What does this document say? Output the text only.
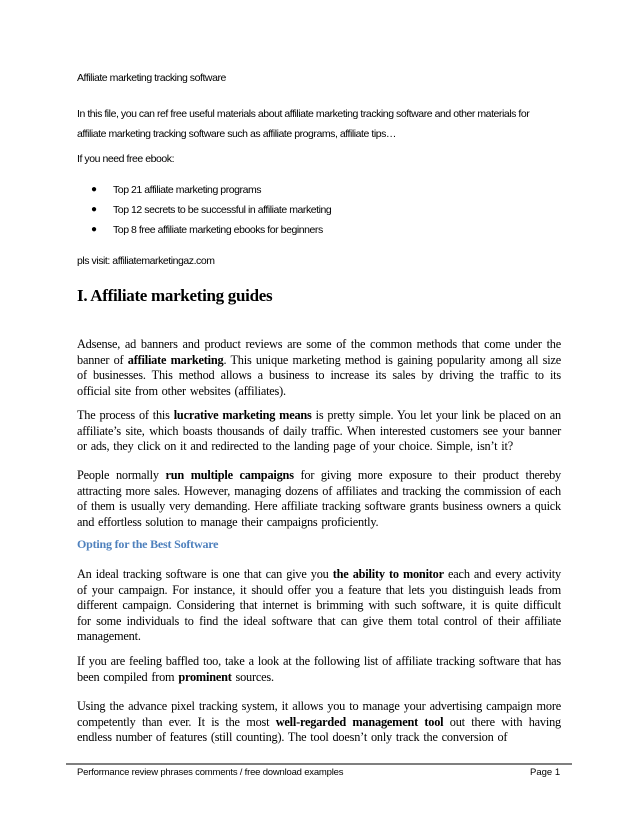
Affiliate marketing tracking software
In this file, you can ref free useful materials about affiliate marketing tracking software and other materials for affiliate marketing tracking software such as affiliate programs, affiliate tips…
If you need free ebook:
● Top 21 affiliate marketing programs
● Top 12 secrets to be successful in affiliate marketing
● Top 8 free affiliate marketing ebooks for beginners
pls visit: affiliatemarketingaz.com
I. Affiliate marketing guides
Adsense, ad banners and product reviews are some of the common methods that come under the banner of affiliate marketing. This unique marketing method is gaining popularity among all size of businesses. This method allows a business to increase its sales by driving the traffic to its official site from other websites (affiliates).
The process of this lucrative marketing means is pretty simple. You let your link be placed on an affiliate’s site, which boasts thousands of daily traffic. When interested customers see your banner or ads, they click on it and redirected to the landing page of your choice. Simple, isn’t it?
People normally run multiple campaigns for giving more exposure to their product thereby attracting more sales. However, managing dozens of affiliates and tracking the commission of each of them is usually very demanding. Here affiliate tracking software grants business owners a quick and effortless solution to manage their campaigns proficiently.
Opting for the Best Software
An ideal tracking software is one that can give you the ability to monitor each and every activity of your campaign. For instance, it should offer you a feature that lets you distinguish leads from different campaign. Considering that internet is brimming with such software, it is quite difficult for some individuals to find the ideal software that can give them total control of their affiliate management.
If you are feeling baffled too, take a look at the following list of affiliate tracking software that has been compiled from prominent sources.
Using the advance pixel tracking system, it allows you to manage your advertising campaign more competently than ever. It is the most well-regarded management tool out there with having endless number of features (still counting). The tool doesn’t only track the conversion of
Performance review phrases comments / free download examples	Page 1
